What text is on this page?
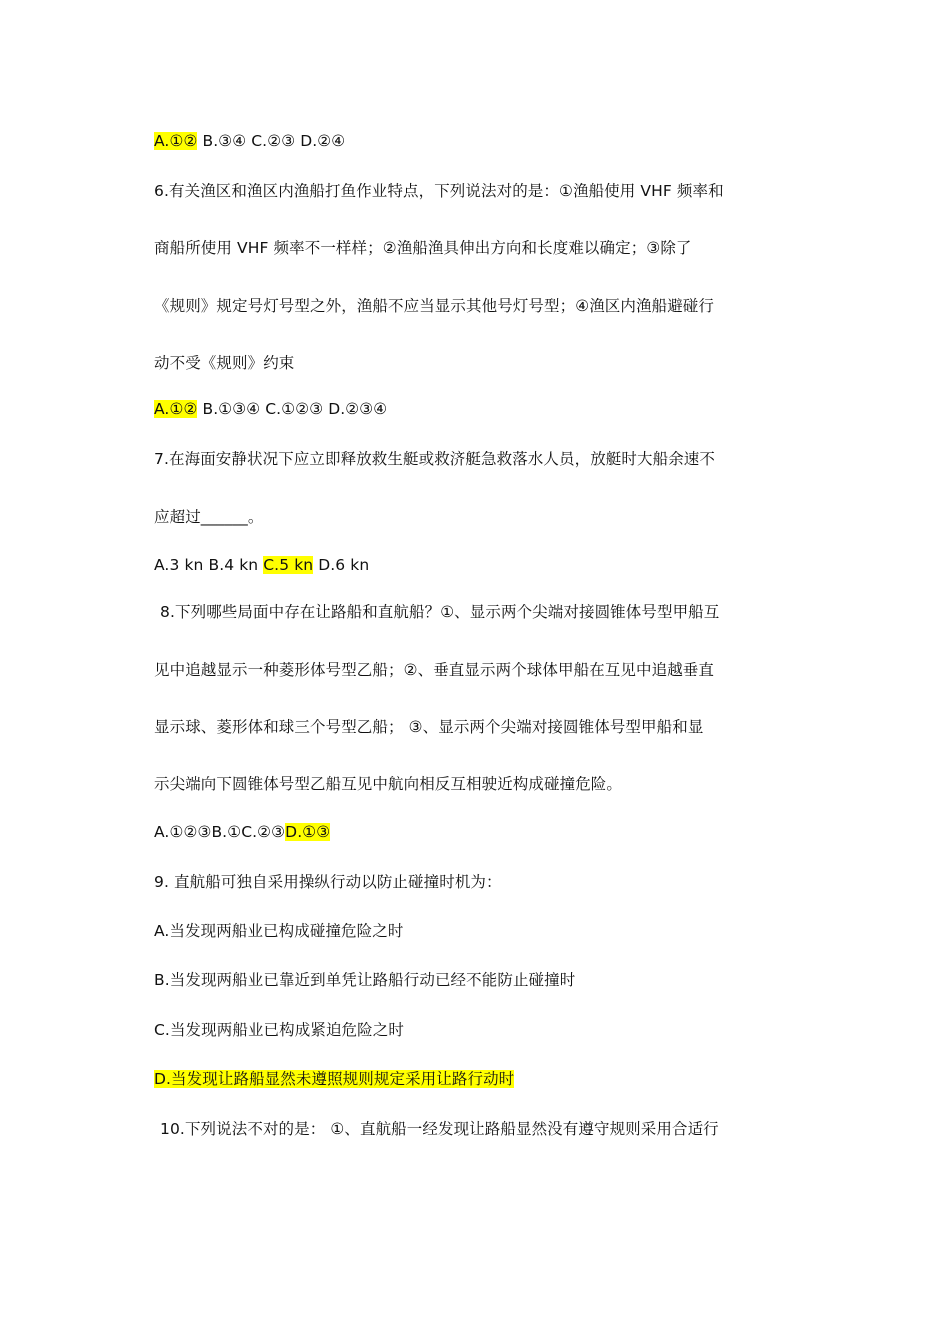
A.①② B.③④ C.②③ D.②④
6.有关渔区和渔区内渔船打鱼作业特点，下列说法对的是：①渔船使用 VHF 频率和
商船所使用 VHF 频率不一样样；②渔船渔具伸出方向和长度难以确定；③除了
《规则》规定号灯号型之外，渔船不应当显示其他号灯号型；④渔区内渔船避碰行
动不受《规则》约束
A.①② B.①③④ C.①②③ D.②③④
7.在海面安静状况下应立即释放救生艇或救济艇急救落水人员，放艇时大船余速不
应超过______。
A.3 kn B.4 kn C.5 kn D.6 kn
8.下列哪些局面中存在让路船和直航船？①、显示两个尖端对接圆锥体号型甲船互
见中追越显示一种菱形体号型乙船；②、垂直显示两个球体甲船在互见中追越垂直
显示球、菱形体和球三个号型乙船； ③、显示两个尖端对接圆锥体号型甲船和显
示尖端向下圆锥体号型乙船互见中航向相反互相驶近构成碰撞危险。
A.①②③B.①C.②③D.①③
9. 直航船可独自采用操纵行动以防止碰撞时机为：
A.当发现两船业已构成碰撞危险之时
B.当发现两船业已靠近到单凭让路船行动已经不能防止碰撞时
C.当发现两船业已构成紧迫危险之时
D.当发现让路船显然未遵照规则规定采用让路行动时
10.下列说法不对的是： ①、直航船一经发现让路船显然没有遵守规则采用合适行
